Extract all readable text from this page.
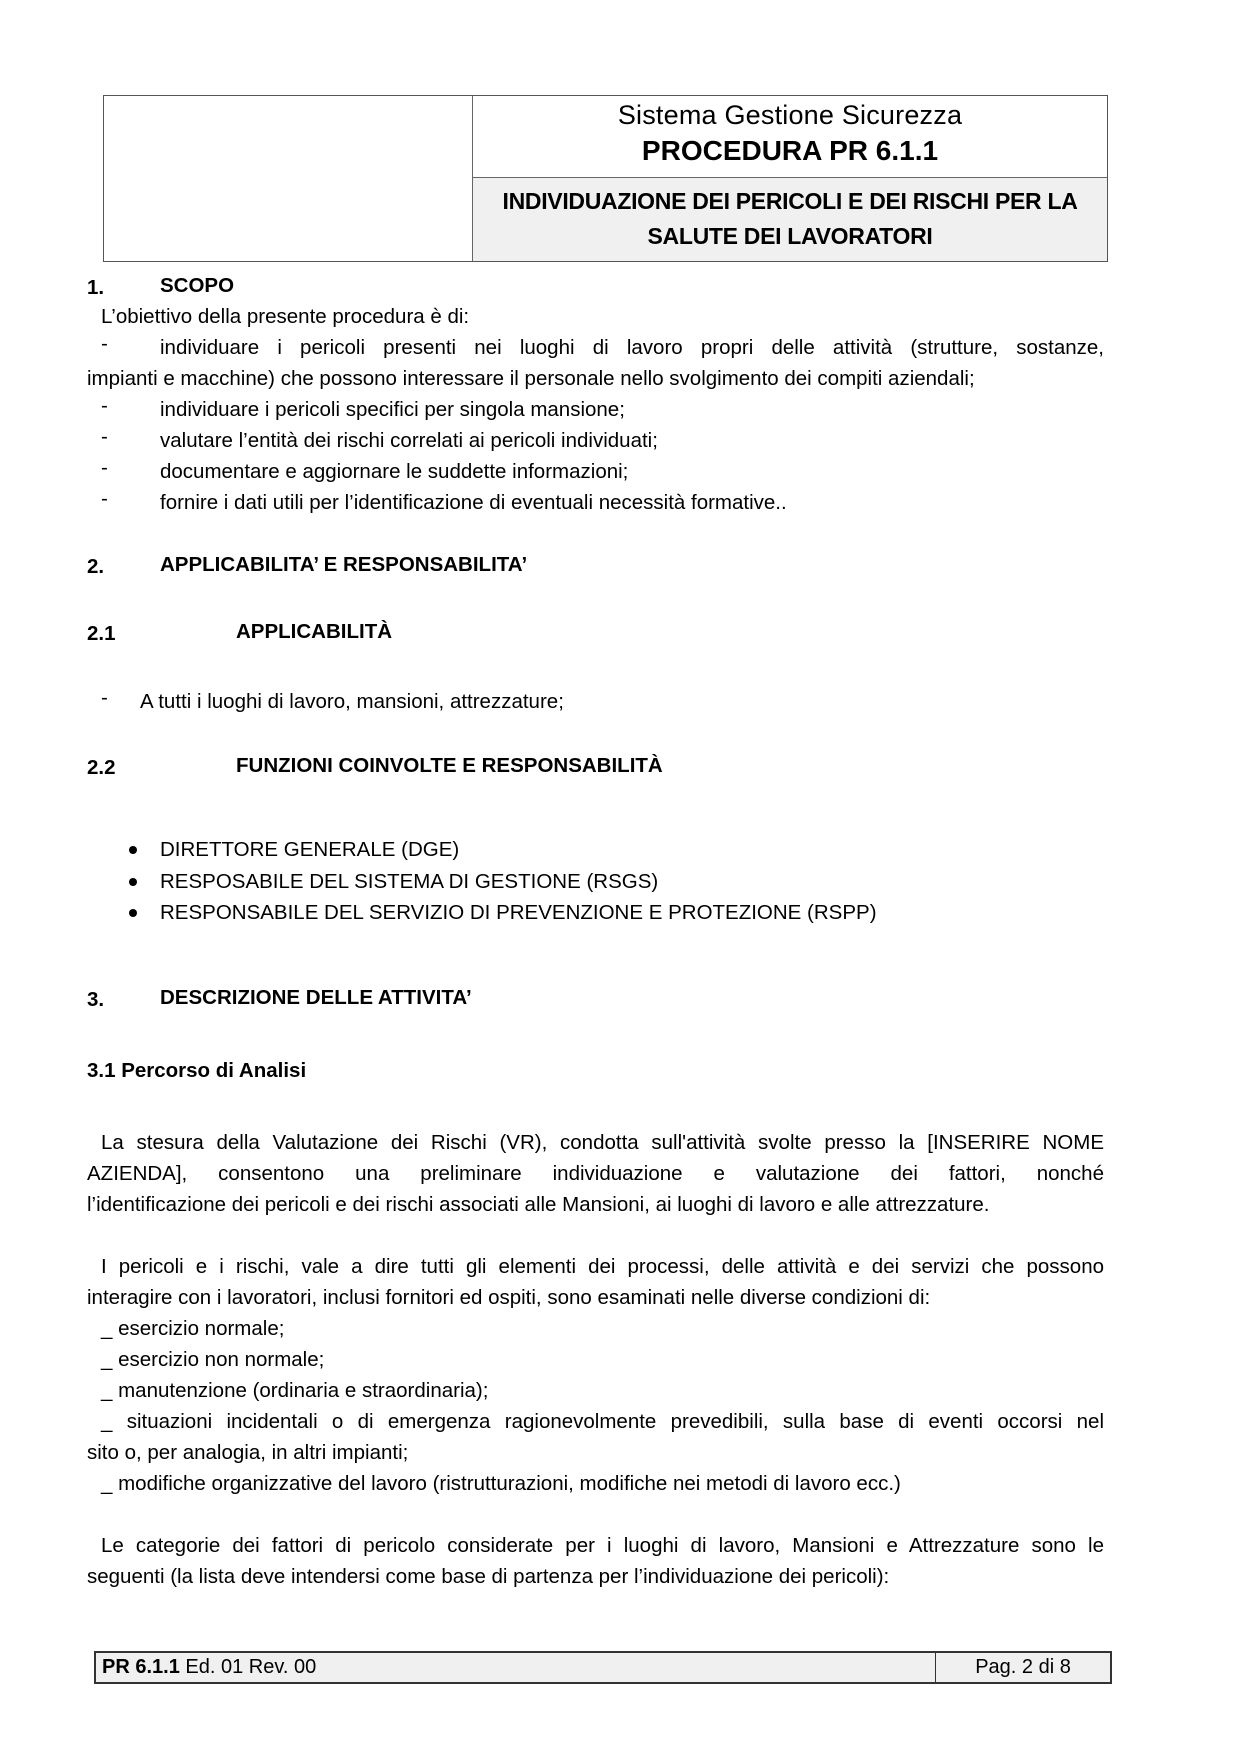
Sistema Gestione Sicurezza
PROCEDURA PR 6.1.1
INDIVIDUAZIONE DEI PERICOLI E DEI RISCHI PER LA
SALUTE DEI LAVORATORI
1.	SCOPO
L’obiettivo della presente procedura è di:
-	individuare i pericoli presenti nei luoghi di lavoro propri delle attività (strutture, sostanze,
impianti e macchine) che possono interessare il personale nello svolgimento dei compiti aziendali;
-	individuare i pericoli specifici per singola mansione;
-	valutare l’entità dei rischi correlati ai pericoli individuati;
-	documentare e aggiornare le suddette informazioni;
-	fornire i dati utili per l’identificazione di eventuali necessità formative..
2.	APPLICABILITA’ E RESPONSABILITA’
2.1	APPLICABILITÀ
- A tutti i luoghi di lavoro, mansioni, attrezzature;
2.2	FUNZIONI COINVOLTE E RESPONSABILITÀ
DIRETTORE GENERALE (DGE)
RESPOSABILE DEL SISTEMA DI GESTIONE (RSGS)
RESPONSABILE DEL SERVIZIO DI PREVENZIONE E PROTEZIONE (RSPP)
3.	DESCRIZIONE DELLE ATTIVITA’
3.1 Percorso di Analisi
La stesura della Valutazione dei Rischi (VR), condotta sull'attività svolte presso la [INSERIRE NOME
AZIENDA], consentono una preliminare individuazione e valutazione dei fattori, nonché
l’identificazione dei pericoli e dei rischi associati alle Mansioni, ai luoghi di lavoro e alle attrezzature.
I pericoli e i rischi, vale a dire tutti gli elementi dei processi, delle attività e dei servizi che possono
interagire con i lavoratori, inclusi fornitori ed ospiti, sono esaminati nelle diverse condizioni di:
_ esercizio normale;
_ esercizio non normale;
_ manutenzione (ordinaria e straordinaria);
_ situazioni incidentali o di emergenza ragionevolmente prevedibili, sulla base di eventi occorsi nel
sito o, per analogia, in altri impianti;
_ modifiche organizzative del lavoro (ristrutturazioni, modifiche nei metodi di lavoro ecc.)
Le categorie dei fattori di pericolo considerate per i luoghi di lavoro, Mansioni e Attrezzature sono le
seguenti (la lista deve intendersi come base di partenza per l’individuazione dei pericoli):
PR 6.1.1 Ed. 01 Rev. 00	Pag. 2 di 8
